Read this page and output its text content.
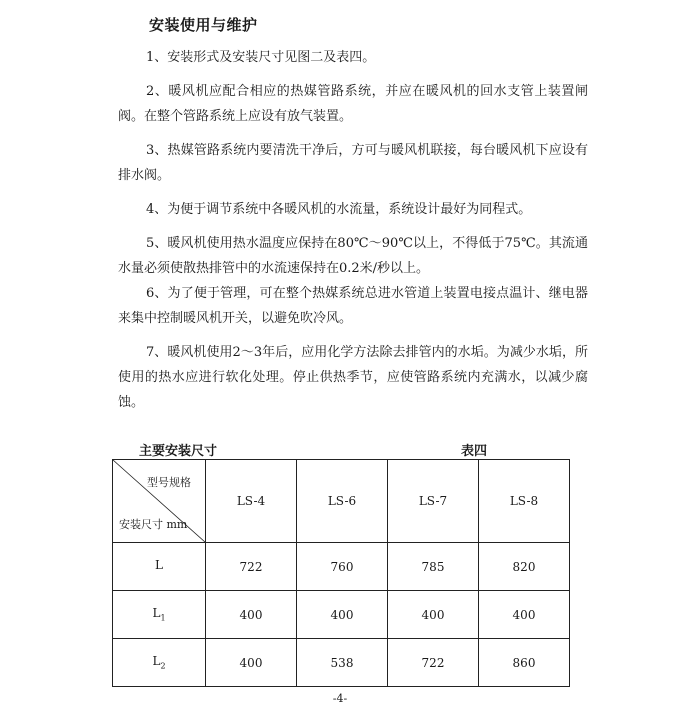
安装使用与维护
1、安装形式及安装尺寸见图二及表四。
2、暖风机应配合相应的热媒管路系统，并应在暖风机的回水支管上装置闸阀。在整个管路系统上应设有放气装置。
3、热媒管路系统内要清洗干净后，方可与暖风机联接，每台暖风机下应设有排水阀。
4、为便于调节系统中各暖风机的水流量，系统设计最好为同程式。
5、暖风机使用热水温度应保持在80℃～90℃以上，不得低于75℃。其流通水量必须使散热排管中的水流速保持在0.2米/秒以上。
6、为了便于管理，可在整个热媒系统总进水管道上装置电接点温计、继电器来集中控制暖风机开关，以避免吹冷风。
7、暖风机使用2～3年后，应用化学方法除去排管内的水垢。为减少水垢，所使用的热水应进行软化处理。停止供热季节，应使管路系统内充满水，以减少腐蚀。
主要安装尺寸	表四
型号规格
安装尺寸 mm	LS-4	LS-6	LS-7	LS-8
L	722	760	785	820
$L_1$	400	400	400	400
$L_2$	400	538	722	860
-4-
